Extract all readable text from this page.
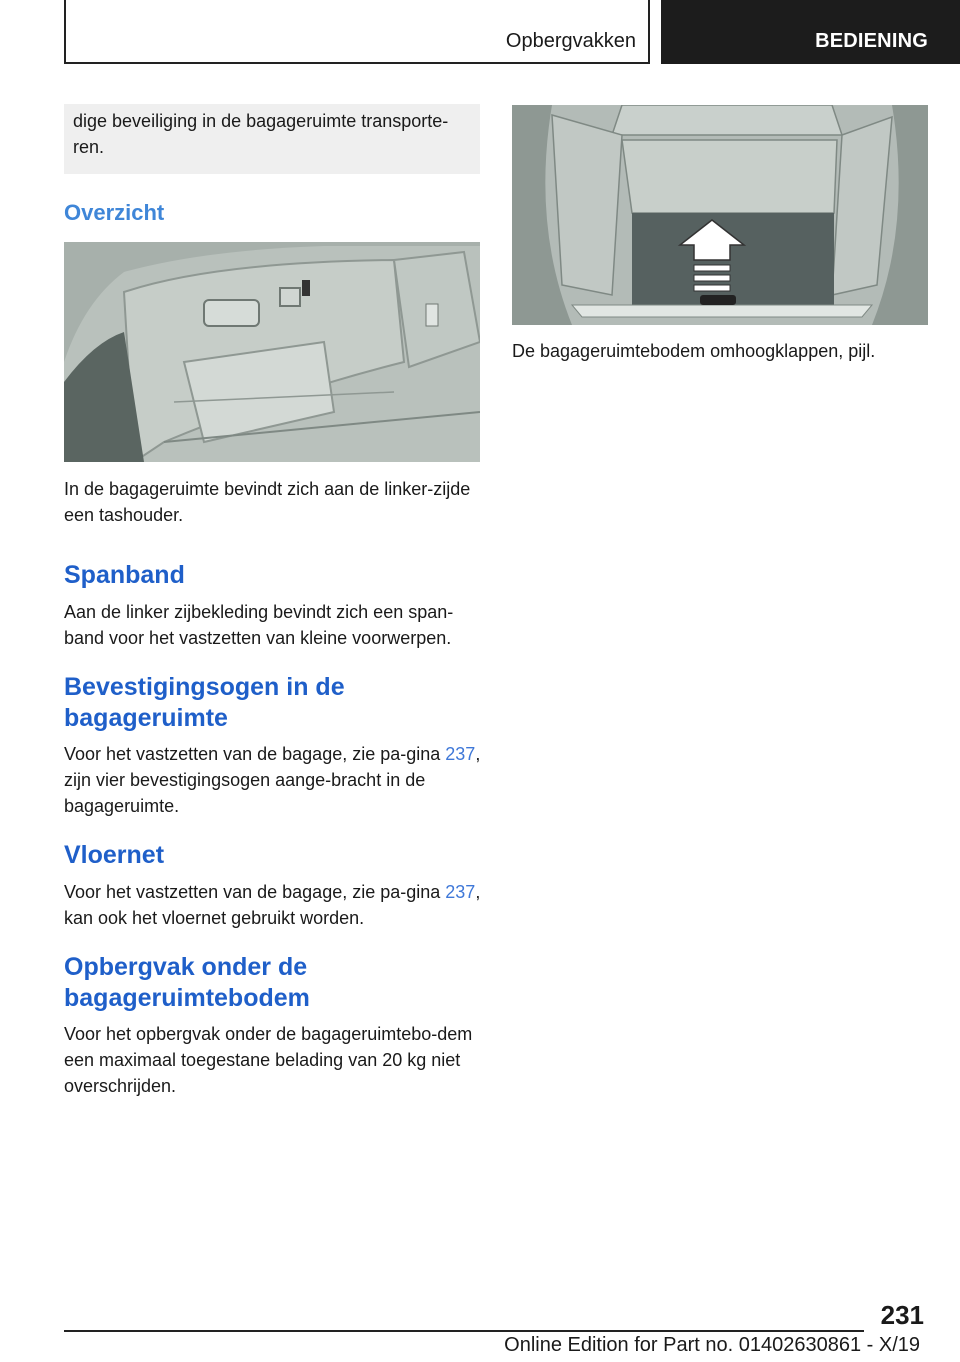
Opbergvakken	BEDIENING
dige beveiliging in de bagageruimte transporte-ren.
Overzicht
In de bagageruimte bevindt zich aan de linker-zijde een tashouder.
Spanband
Aan de linker zijbekleding bevindt zich een span-band voor het vastzetten van kleine voorwerpen.
Bevestigingsogen in de
bagageruimte
Voor het vastzetten van de bagage, zie pa-gina 237, zijn vier bevestigingsogen aange-bracht in de bagageruimte.
Vloernet
Voor het vastzetten van de bagage, zie pa-gina 237, kan ook het vloernet gebruikt worden.
Opbergvak onder de
bagageruimtebodem
Voor het opbergvak onder de bagageruimtebo-dem een maximaal toegestane belading van 20 kg niet overschrijden.
De bagageruimtebodem omhoogklappen, pijl.
231
Online Edition for Part no. 01402630861 - X/19
